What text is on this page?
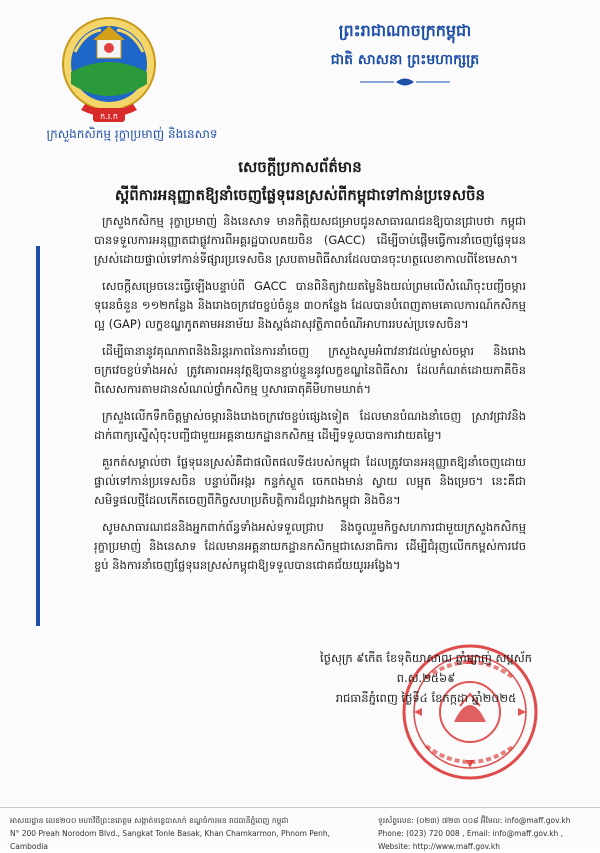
ក.រ.ក
ក្រសួងកសិកម្ម រុក្ខាប្រមាញ់ និងនេសាទ
ព្រះរាជាណាចក្រកម្ពុជា
ជាតិ សាសនា ព្រះមហាក្សត្រ
សេចក្តីប្រកាសព័ត៌មាន
ស្តីពីការអនុញ្ញាតឱ្យនាំចេញផ្លែទុរេនស្រស់ពីកម្ពុជាទៅកាន់ប្រទេសចិន

ក្រសួងកសិកម្ម រុក្ខាប្រមាញ់ និងនេសាទ មានកិត្តិយសជម្រាបជូនសាធារណជនឱ្យបានជ្រាបថា កម្ពុជាបានទទួលការអនុញ្ញាតជាផ្លូវការពីអគ្គរដ្ឋបាលគយចិន (GACC) ដើម្បីចាប់ផ្តើមធ្វើការនាំចេញផ្លែទុរេនស្រស់ដោយផ្ទាល់ទៅកាន់ទីផ្សារប្រទេសចិន ស្របតាមពិធីសារដែលបានចុះហត្ថលេខាកាលពីខែមេសា។

សេចក្តីសម្រេចនេះធ្វើឡើងបន្ទាប់ពី GACC បានពិនិត្យវាយតម្លៃនិងយល់ព្រមលើសំណើចុះបញ្ជីចម្ការទុរេនចំនួន ១១២កន្លែង និងរោងចក្រវេចខ្ចប់ចំនួន ៣០កន្លែង ដែលបានបំពេញតាមគោលការណ៍កសិកម្មល្អ (GAP) លក្ខខណ្ឌភូតគាមអនាម័យ និងស្តង់ដាសុវត្ថិភាពចំណីអាហាររបស់ប្រទេសចិន។

ដើម្បីធានានូវគុណភាពនិងនិរន្តរភាពនៃការនាំចេញ ក្រសួងសូមអំពាវនាវដល់ម្ចាស់ចម្ការ និងរោងចក្រវេចខ្ចប់ទាំងអស់ ត្រូវគោរពអនុវត្តឱ្យបានខ្ជាប់ខ្ជួននូវលក្ខខណ្ឌនៃពិធីសារ ដែលកំណត់ដោយភាគីចិន ពិសេសការតាមដានសំណល់ថ្នាំកសិកម្ម ឬសារធាតុគីមីហាមឃាត់។

ក្រសួងលើកទឹកចិត្តម្ចាស់ចម្ការនិងរោងចក្រវេចខ្ចប់ផ្សេងទៀត ដែលមានបំណងនាំចេញ ស្រាវជ្រាវនិងដាក់ពាក្យស្នើសុំចុះបញ្ជីជាមួយអគ្គនាយកដ្ឋានកសិកម្ម ដើម្បីទទួលបានការវាយតម្លៃ។

គួរកត់សម្គាល់ថា ផ្លែទុរេនស្រស់គឺជាផលិតផលទី៥របស់កម្ពុជា ដែលត្រូវបានអនុញ្ញាតឱ្យនាំចេញដោយផ្ទាល់ទៅកាន់ប្រទេសចិន បន្ទាប់ពីអង្ករ កន្ទក់ស្ងួត ចេកពងមាន់ ស្វាយ លម្អុត និងម្រេច។ នេះគឺជាសមិទ្ធផលថ្មីដែលកើតចេញពីកិច្ចសហប្រតិបត្តិការដ៏ល្អរវាងកម្ពុជា និងចិន។

សូមសាធារណជននិងអ្នកពាក់ព័ន្ធទាំងអស់ទទួលជ្រាប និងចូលរួមកិច្ចសហការជាមួយក្រសួងកសិកម្ម រុក្ខាប្រមាញ់ និងនេសាទ ដែលមានអគ្គនាយកដ្ឋានកសិកម្មជាសេនាធិការ ដើម្បីជំរុញលើកកម្ពស់ការវេចខ្ចប់ និងការនាំចេញផ្លែទុរេនស្រស់កម្ពុជាឱ្យទទួលបានជោគជ័យយូរអង្វែង។

ថ្ងៃសុក្រ ៩កើត ខែទុតិយាសាឍ ឆ្នាំម្សាញ់ សប្តស័ក ព.ស.២៥៦៩
រាជធានីភ្នំពេញ ថ្ងៃទី៤ ខែកក្កដា ឆ្នាំ២០២៥
អាសយដ្ឋាន លេខ២០០ មហាវិថីព្រះនរោត្តម សង្កាត់ទន្លេបាសាក់ ខណ្ឌចំការមន រាជធានីភ្នំពេញ កម្ពុជា
N° 200 Preah Norodom Blvd., Sangkat Tonle Basak, Khan Chamkarmon, Phnom Penh, Cambodia
ទូរស័ព្ទលេខ: (០២៣) ៧២៣ ០០៨ អ៊ីមែល: info@maff.gov.kh
Phone: (023) 720 008 , Email: info@maff.gov.kh , Website: http://www.maff.gov.kh
